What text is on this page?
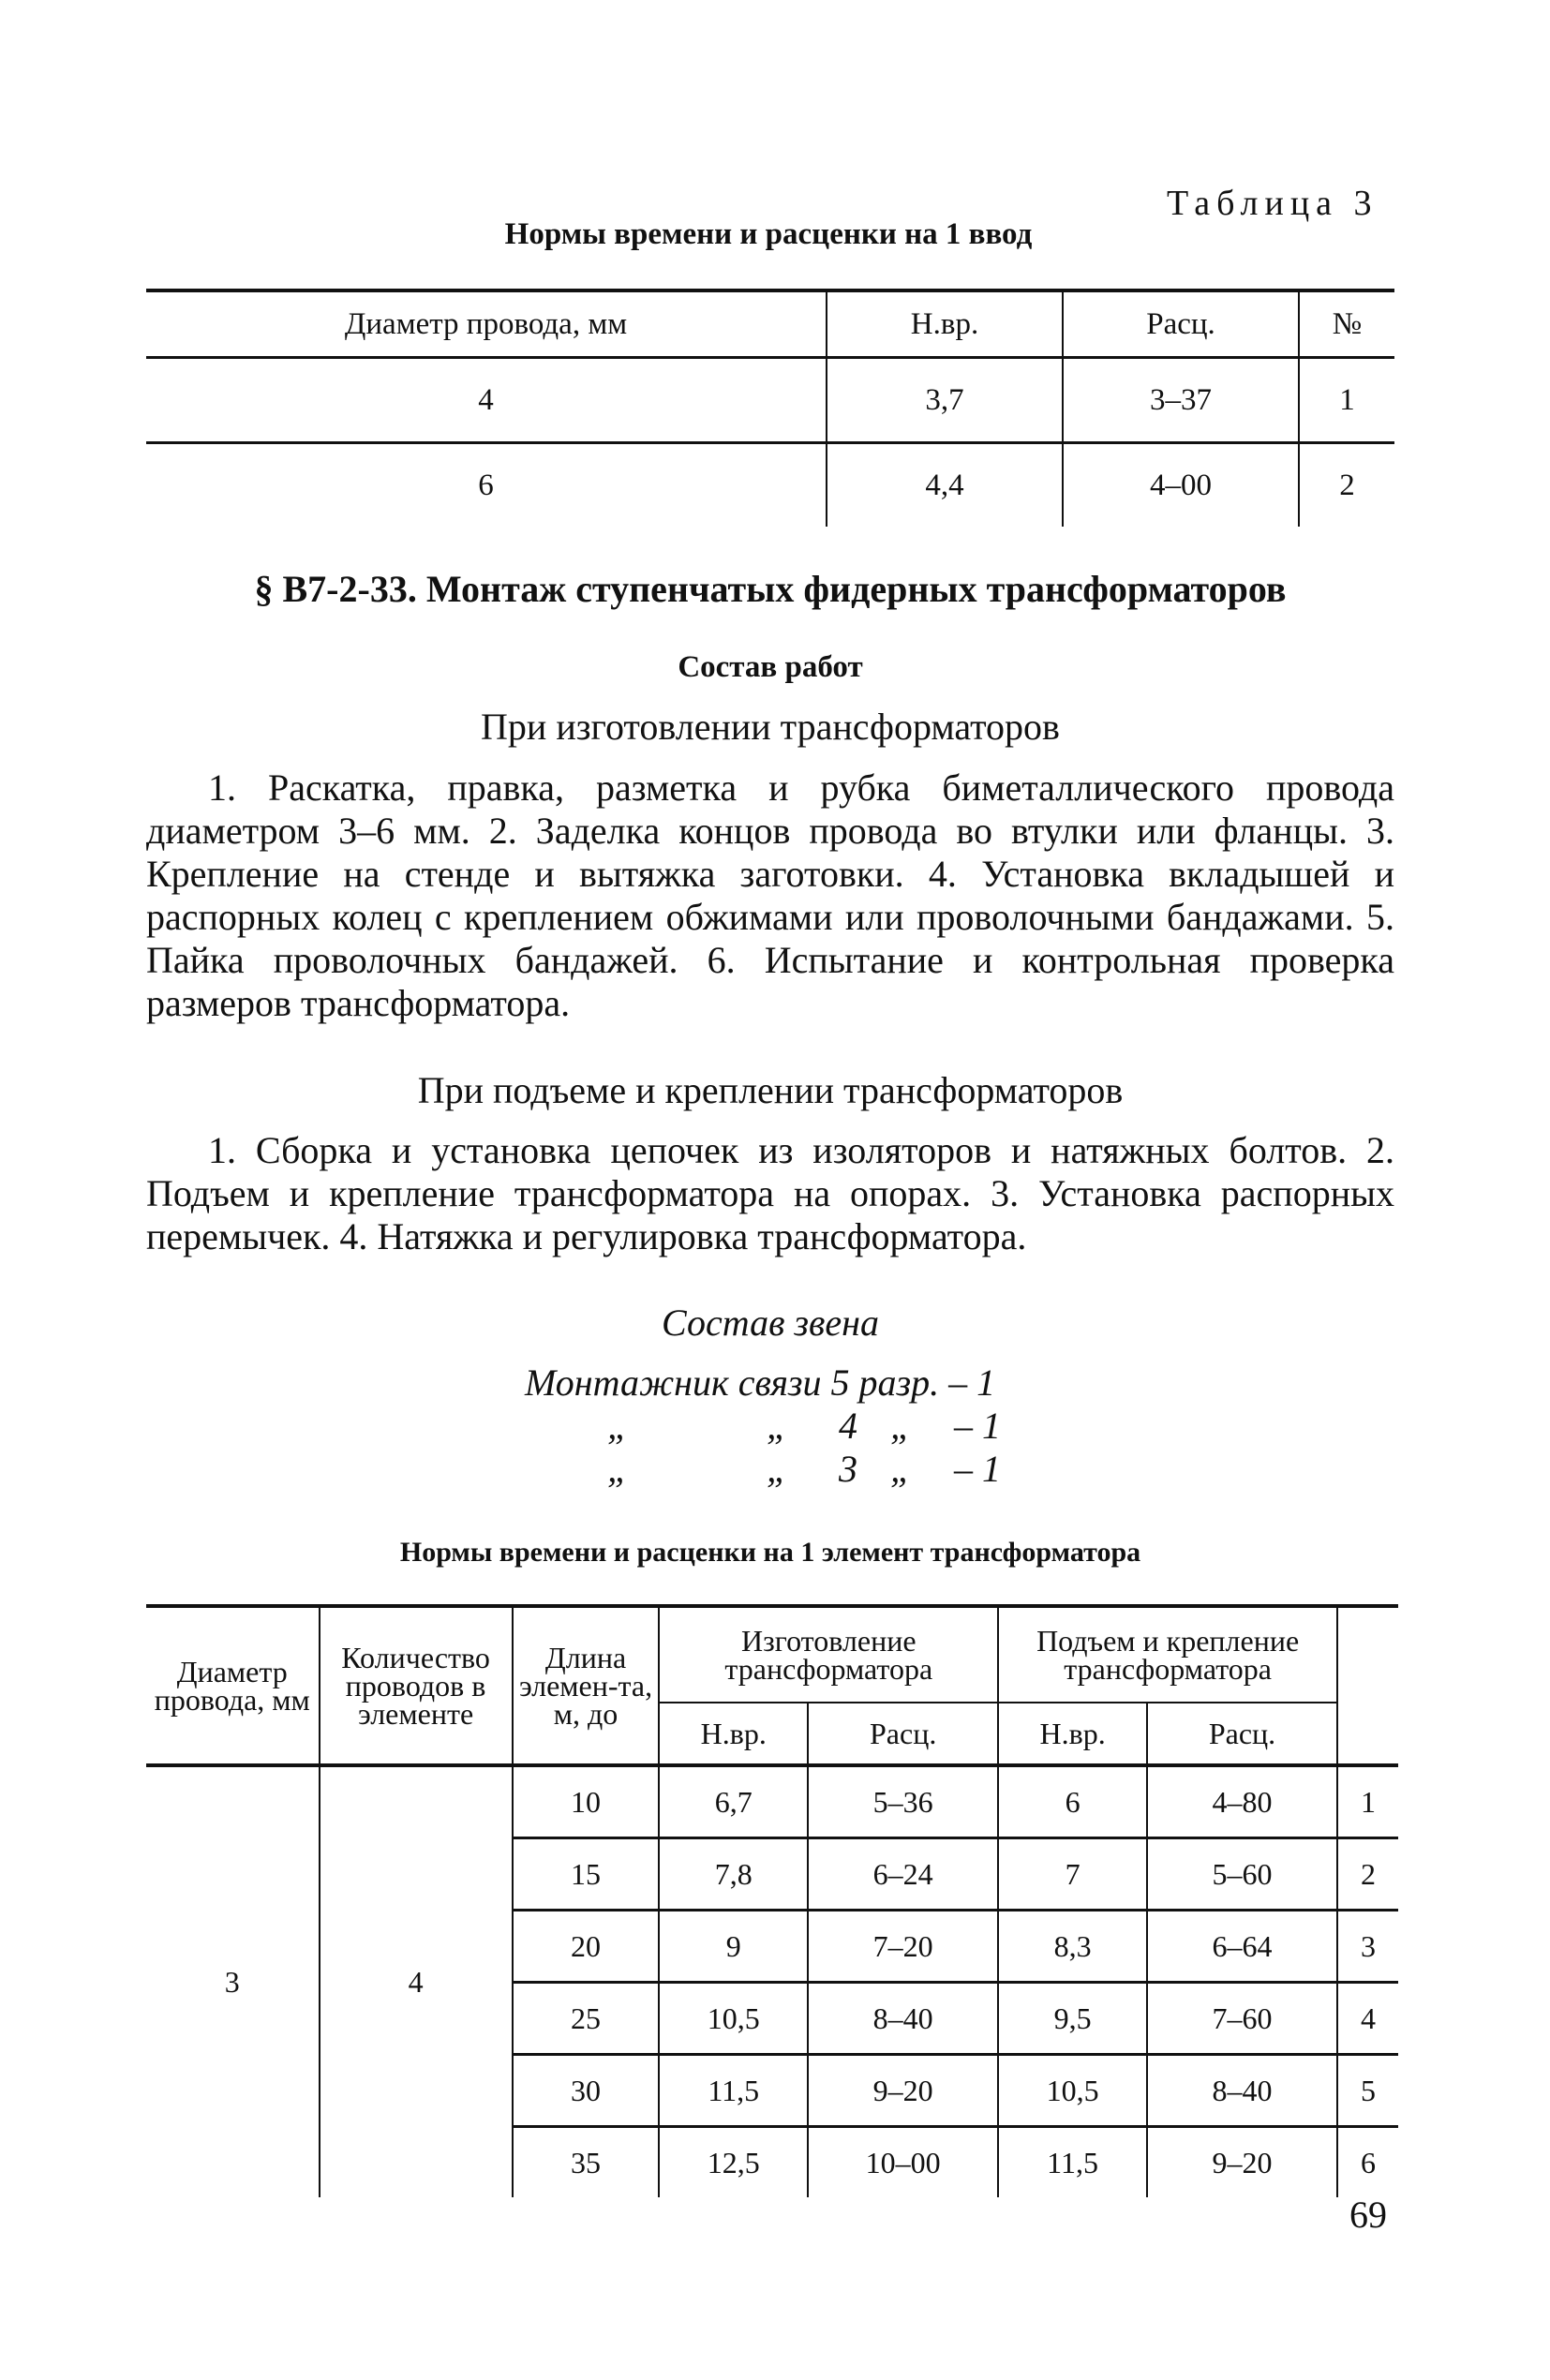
Таблица 3
Нормы времени и расценки на 1 ввод
Диаметр провода, мм	Н.вр.	Расц.	№
4	3,7	3–37	1
6	4,4	4–00	2
§ В7-2-33. Монтаж ступенчатых фидерных трансформаторов
Состав работ
При изготовлении трансформаторов
1. Раскатка, правка, разметка и рубка биметаллического провода диаметром 3–6 мм. 2. Заделка концов провода во втулки или фланцы. 3. Крепление на стенде и вытяжка заготовки. 4. Установка вкладышей и распорных колец с креплением обжимами или проволочными бандажами. 5. Пайка проволочных бандажей. 6. Испытание и контрольная проверка размеров трансформатора.
При подъеме и креплении трансформаторов
1. Сборка и установка цепочек из изоляторов и натяжных болтов. 2. Подъем и крепление трансформатора на опорах. 3. Установка распорных перемычек. 4. Натяжка и регулировка трансформатора.
Состав звена
Монтажник связи 5 разр. – 1
„	„ 4 „ – 1
„	„ 3 „ – 1
Нормы времени и расценки на 1 элемент трансформатора
Диаметр провода, мм	Количество проводов в элементе	Длина элемен-та, м, до	Изготовление трансформатора		Подъем и крепление трансформатора		
			Н.вр.	Расц.	Н.вр.	Расц.	
3	4	10	6,7	5–36	6	4–80	1
		15	7,8	6–24	7	5–60	2
		20	9	7–20	8,3	6–64	3
		25	10,5	8–40	9,5	7–60	4
		30	11,5	9–20	10,5	8–40	5
		35	12,5	10–00	11,5	9–20	6
69
